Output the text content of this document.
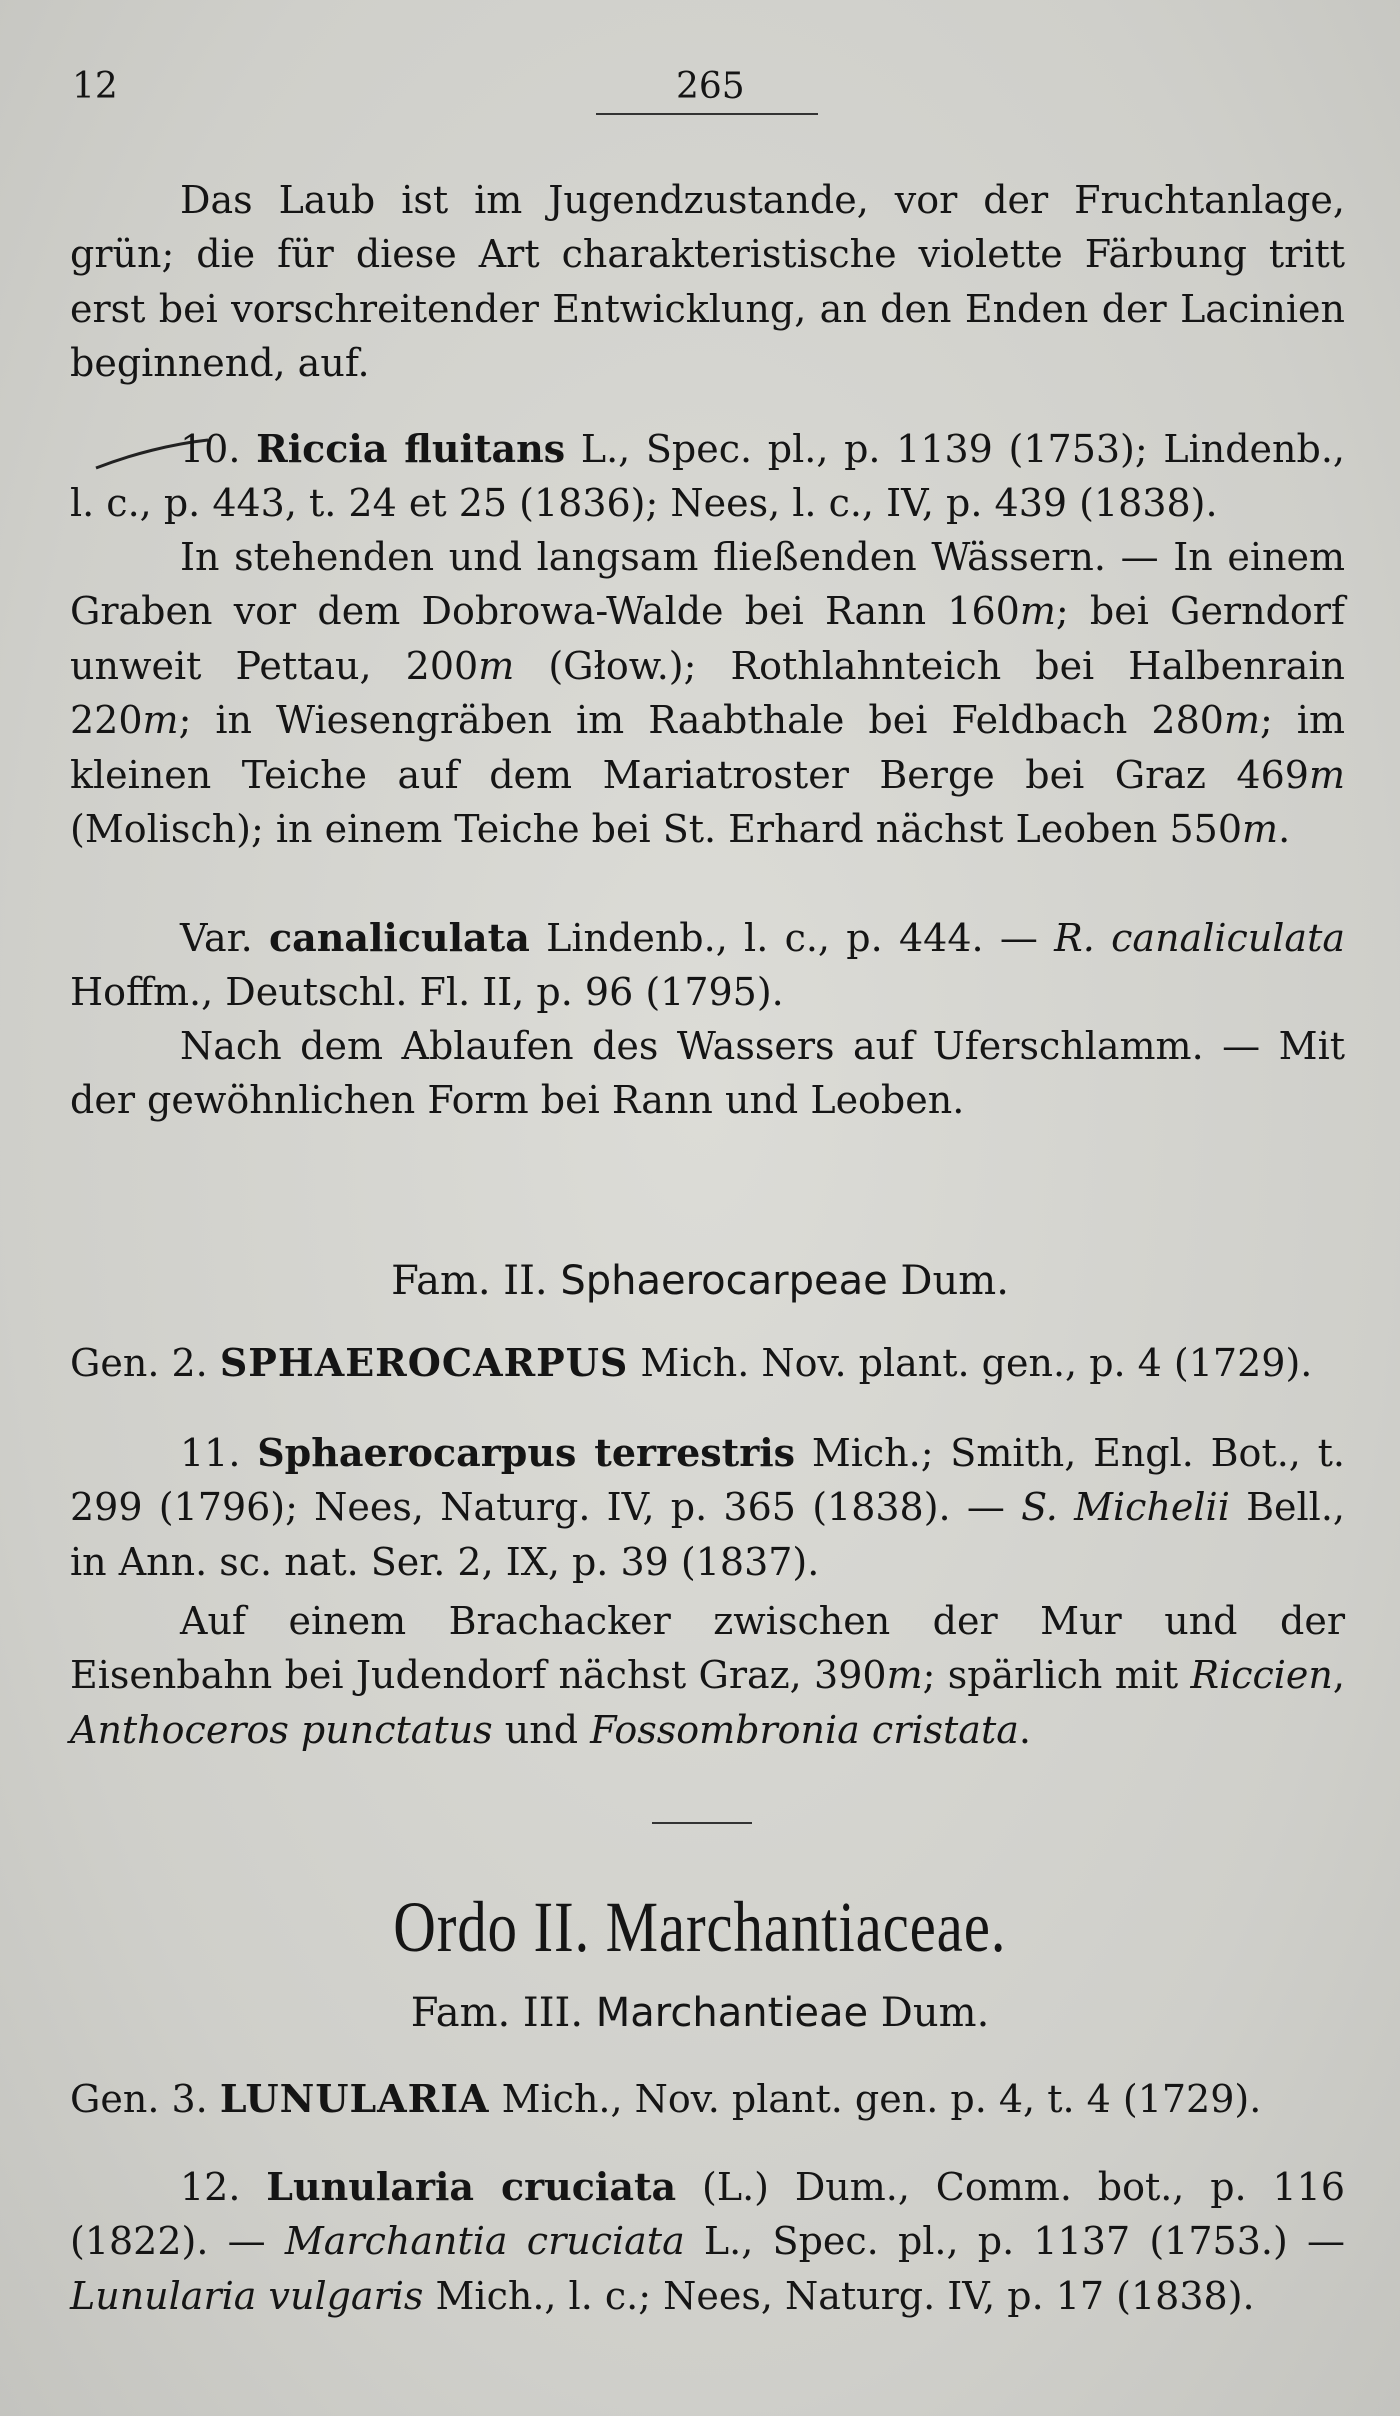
12	265

Das Laub ist im Jugendzustande, vor der Fruchtanlage, grün; die für diese Art charakteristische violette Färbung tritt erst bei vorschreitender Entwicklung, an den Enden der Lacinien beginnend, auf.

10. Riccia fluitans L., Spec. pl., p. 1139 (1753); Lindenb., l. c., p. 443, t. 24 et 25 (1836); Nees, l. c., IV, p. 439 (1838).

In stehenden und langsam fließenden Wässern. — In einem Graben vor dem Dobrowa-Walde bei Rann 160m; bei Gerndorf unweit Pettau, 200m (Głow.); Rothlahnteich bei Halbenrain 220m; in Wiesengräben im Raabthale bei Feldbach 280m; im kleinen Teiche auf dem Mariatroster Berge bei Graz 469m (Molisch); in einem Teiche bei St. Erhard nächst Leoben 550m.

Var. canaliculata Lindenb., l. c., p. 444. — R. canaliculata Hoffm., Deutschl. Fl. II, p. 96 (1795).

Nach dem Ablaufen des Wassers auf Uferschlamm. — Mit der gewöhnlichen Form bei Rann und Leoben.

Fam. II. Sphaerocarpeae Dum.

Gen. 2. SPHAEROCARPUS Mich. Nov. plant. gen., p. 4 (1729).

11. Sphaerocarpus terrestris Mich.; Smith, Engl. Bot., t. 299 (1796); Nees, Naturg. IV, p. 365 (1838). — S. Michelii Bell., in Ann. sc. nat. Ser. 2, IX, p. 39 (1837).

Auf einem Brachacker zwischen der Mur und der Eisenbahn bei Judendorf nächst Graz, 390m; spärlich mit Riccien, Anthoceros punctatus und Fossombronia cristata.

Ordo II. Marchantiaceae.

Fam. III. Marchantieae Dum.

Gen. 3. LUNULARIA Mich., Nov. plant. gen. p. 4, t. 4 (1729).

12. Lunularia cruciata (L.) Dum., Comm. bot., p. 116 (1822). — Marchantia cruciata L., Spec. pl., p. 1137 (1753.) — Lunularia vulgaris Mich., l. c.; Nees, Naturg. IV, p. 17 (1838).
